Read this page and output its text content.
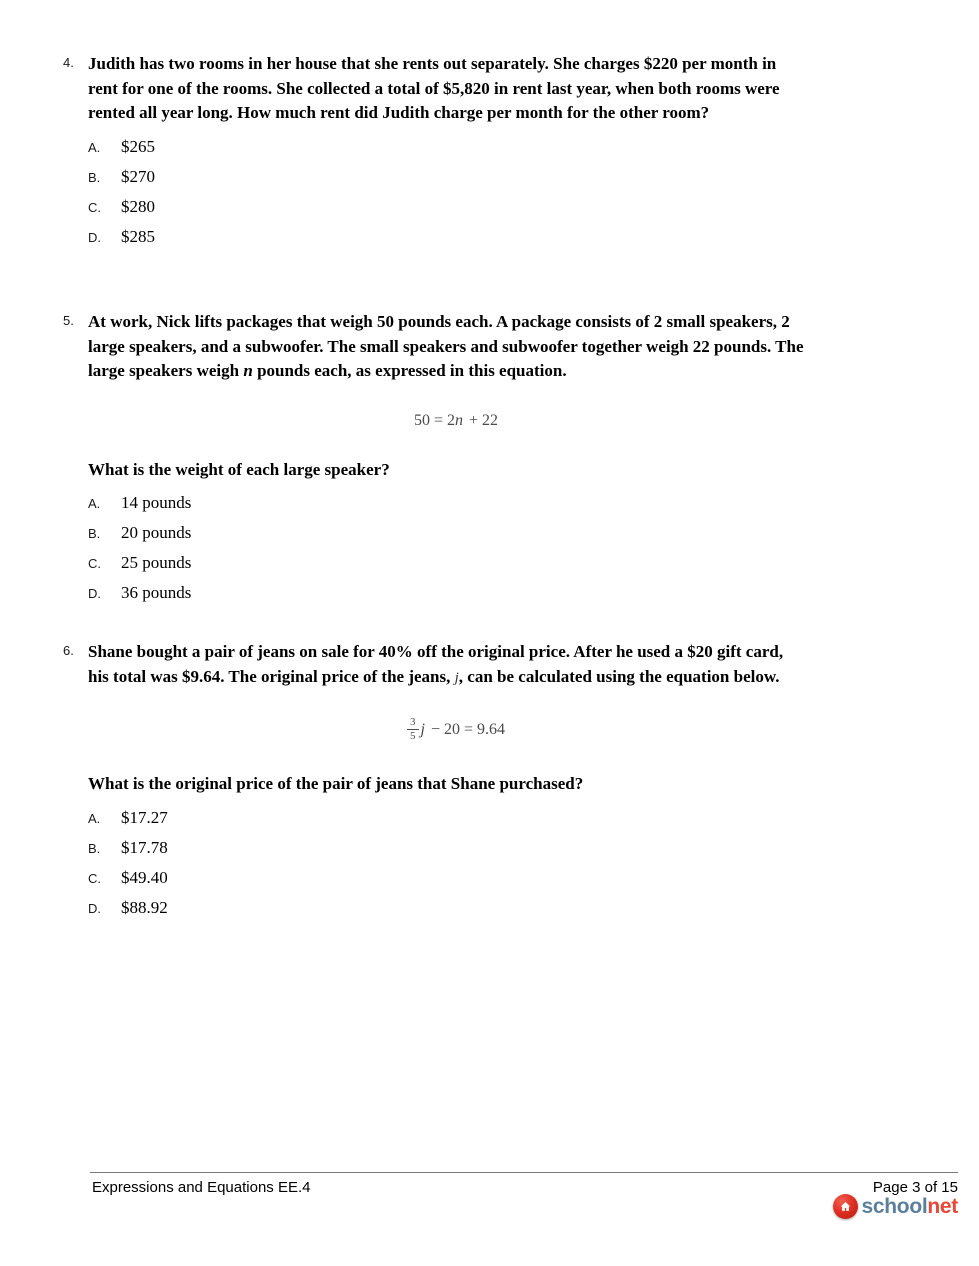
4. Judith has two rooms in her house that she rents out separately. She charges $220 per month in rent for one of the rooms. She collected a total of $5,820 in rent last year, when both rooms were rented all year long. How much rent did Judith charge per month for the other room?

A.	$265
B.	$270
C.	$280
D.	$285
5. At work, Nick lifts packages that weigh 50 pounds each. A package consists of 2 small speakers, 2 large speakers, and a subwoofer. The small speakers and subwoofer together weigh 22 pounds. The large speakers weigh n pounds each, as expressed in this equation.

50 = 2n + 22

What is the weight of each large speaker?

A.	14 pounds
B.	20 pounds
C.	25 pounds
D.	36 pounds
6. Shane bought a pair of jeans on sale for 40% off the original price. After he used a $20 gift card, his total was $9.64. The original price of the jeans, j, can be calculated using the equation below.

$\frac{3}{5}$ j − 20 = 9.64

What is the original price of the pair of jeans that Shane purchased?

A.	$17.27
B.	$17.78
C.	$49.40
D.	$88.92
Expressions and Equations EE.4	Page 3 of 15
schoolnet
